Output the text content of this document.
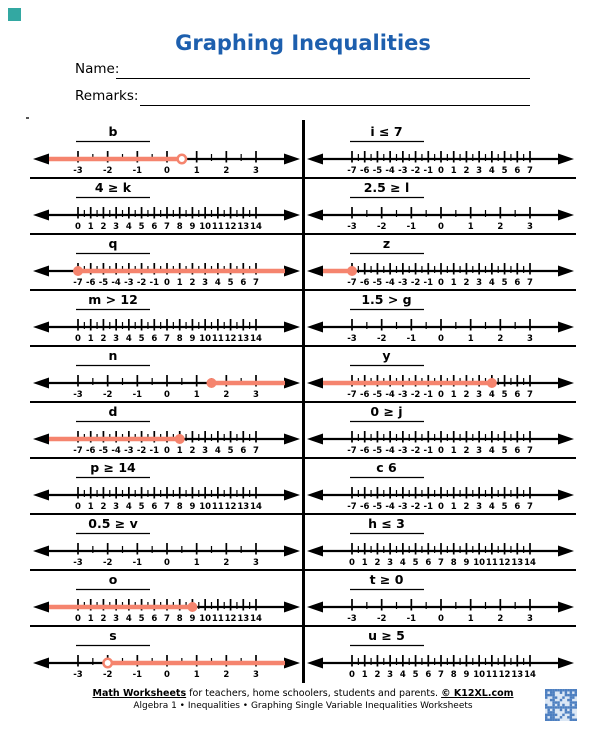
Graphing Inequalities
Name:
Remarks:
b
-3 -2 -1	0	1	2	3
i ≤ 7
-7 -6 -5 -4 -3 -2 -1 0 1 2 3 4 5 6 7
4 ≥ k
0 1 2 3 4 5 6 7 8 9 10 11 12 13 14
2.5 ≥ l
-3 -2 -1	0	1	2	3
q
-7 -6 -5 -4 -3 -2 -1 0 1 2 3 4 5 6 7
z
-7 -6 -5 -4 -3 -2 -1 0 1 2 3 4 5 6 7
m > 12
0 1 2 3 4 5 6 7 8 9 10 11 12 13 14
1.5 > g
-3 -2 -1	0	1	2	3
n
-3 -2 -1	0	1	2	3
y
-7 -6 -5 -4 -3 -2 -1 0 1 2 3 4 5 6 7
d
-7 -6 -5 -4 -3 -2 -1 0 1 2 3 4 5 6 7
0 ≥ j
-7 -6 -5 -4 -3 -2 -1 0 1 2 3 4 5 6 7
p ≥ 14
0 1 2 3 4 5 6 7 8 9 10 11 12 13 14
c 6
-7 -6 -5 -4 -3 -2 -1 0 1 2 3 4 5 6 7
0.5 ≥ v
-3 -2 -1	0	1	2	3
h ≤ 3
0 1 2 3 4 5 6 7 8 9 10 11 12 13 14
o
0 1 2 3 4 5 6 7 8 9 10 11 12 13 14
t ≥ 0
-3 -2 -1	0	1	2	3
s
-3 -2 -1	0	1	2	3
u ≥ 5
0 1 2 3 4 5 6 7 8 9 10 11 12 13 14
Math Worksheets for teachers, home schoolers, students and parents. © K12XL.com
Algebra 1 • Inequalities • Graphing Single Variable Inequalities Worksheets
